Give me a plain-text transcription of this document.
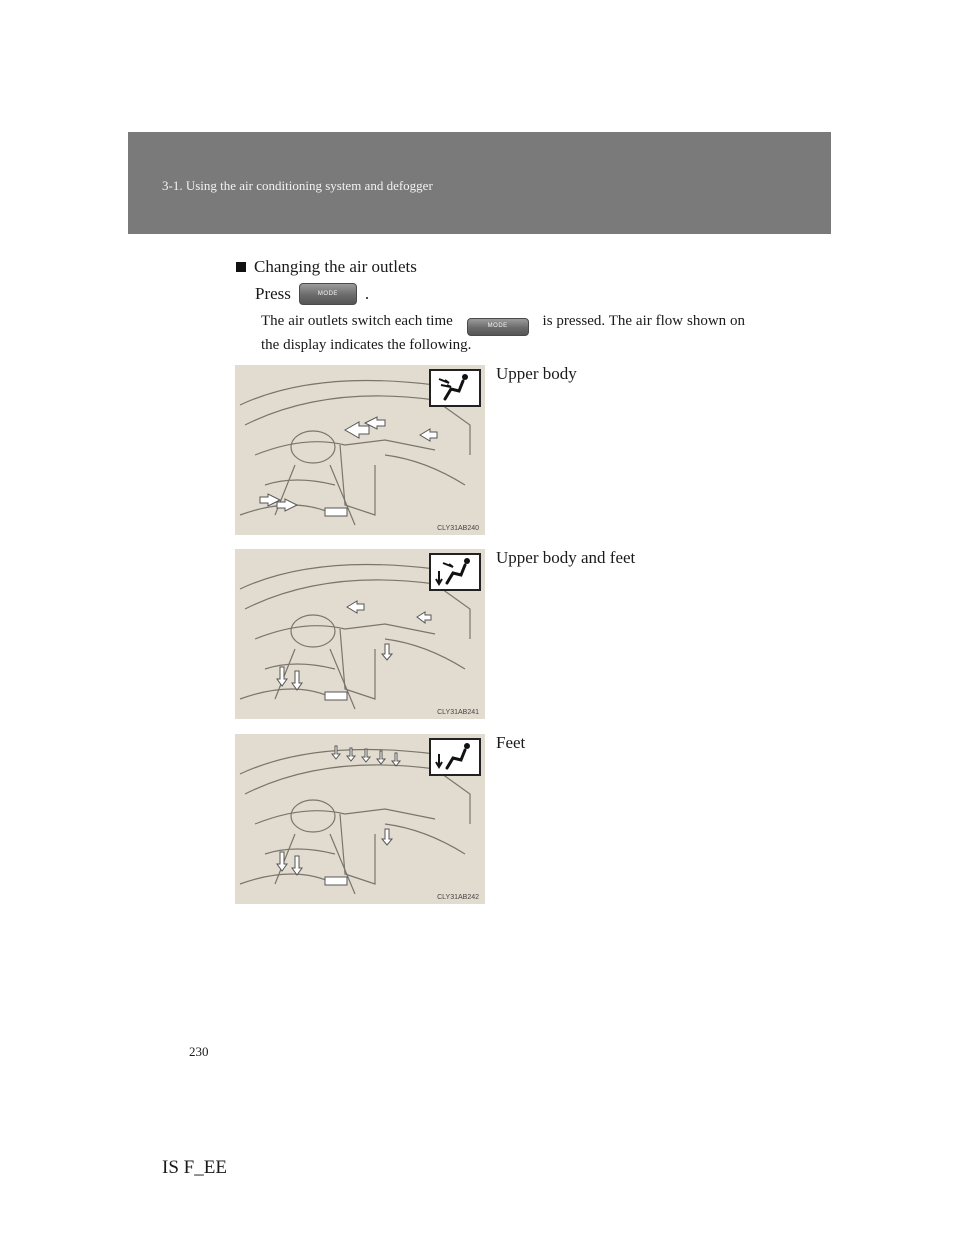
3-1. Using the air conditioning system and defogger
Changing the air outlets
Press	MODE	.
The air outlets switch each time	MODE is pressed. The air flow shown on the display indicates the following.
CLY31AB240
Upper body
CLY31AB241
Upper body and feet
CLY31AB242
Feet
230
IS F_EE
